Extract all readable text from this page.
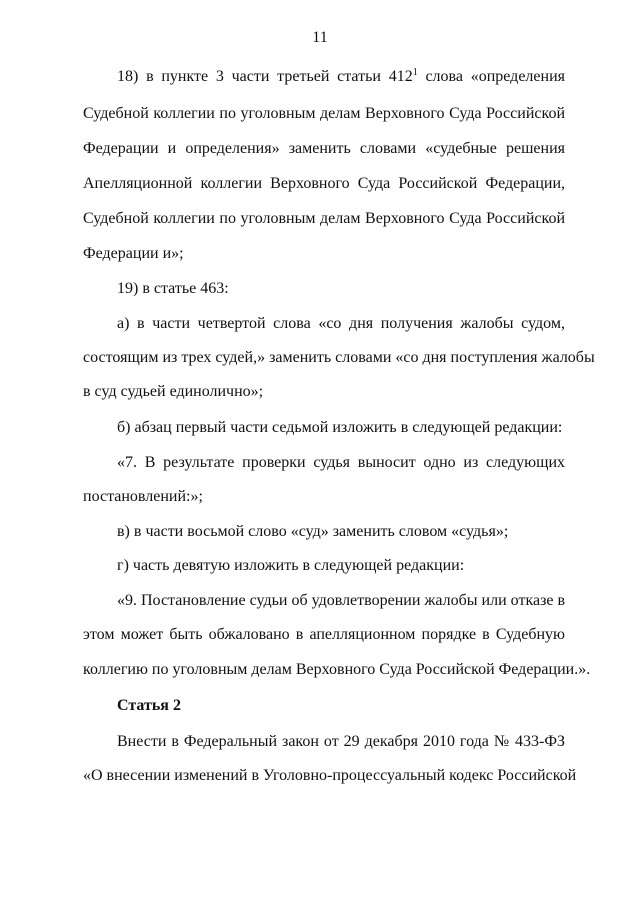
11
18) в пункте 3 части третьей статьи $412^1$ слова «определения
Судебной коллегии по уголовным делам Верховного Суда Российской
Федерации и определения» заменить словами «судебные решения
Апелляционной коллегии Верховного Суда Российской Федерации,
Судебной коллегии по уголовным делам Верховного Суда Российской
Федерации и»;
19) в статье 463:
а) в части четвертой слова «со дня получения жалобы судом,
состоящим из трех судей,» заменить словами «со дня поступления жалобы
в суд судьей единолично»;
б) абзац первый части седьмой изложить в следующей редакции:
«7. В результате проверки судья выносит одно из следующих
постановлений:»;
в) в части восьмой слово «суд» заменить словом «судья»;
г) часть девятую изложить в следующей редакции:
«9. Постановление судьи об удовлетворении жалобы или отказе в
этом может быть обжаловано в апелляционном порядке в Судебную
коллегию по уголовным делам Верховного Суда Российской Федерации.».
Статья 2
Внести в Федеральный закон от 29 декабря 2010 года № 433-ФЗ
«О внесении изменений в Уголовно-процессуальный кодекс Российской
